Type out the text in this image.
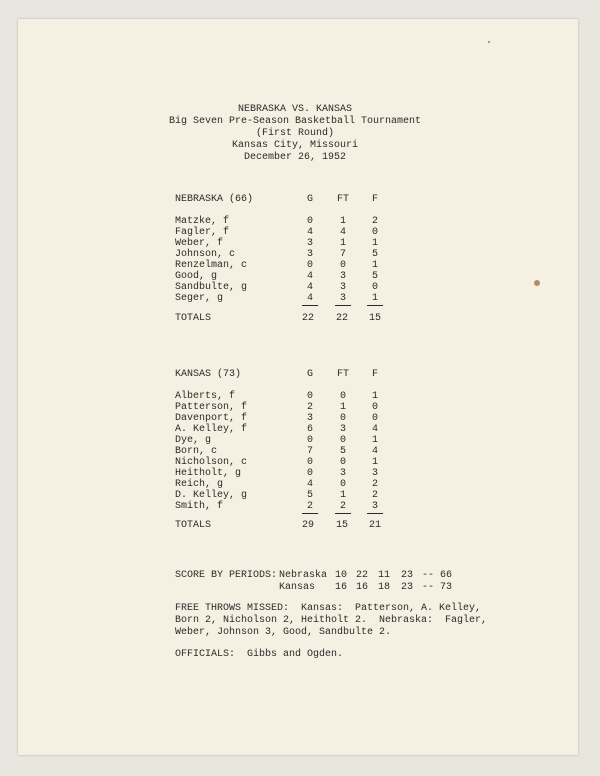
NEBRASKA VS. KANSAS
Big Seven Pre-Season Basketball Tournament
(First Round)
Kansas City, Missouri
December 26, 1952
NEBRASKA (66)	G	FT	F
Matzke, f	0	1	2
Fagler, f	4	4	0
Weber, f	3	1	1
Johnson, c	3	7	5
Renzelman, c	0	0	1
Good, g	4	3	5
Sandbulte, g	4	3	0
Seger, g	4	3	1
TOTALS	22 22 15
KANSAS (73)	G	FT	F
Alberts, f	0	0	1
Patterson, f	2	1	0
Davenport, f	3	0	0
A. Kelley, f	6	3	4
Dye, g	0	0	1
Born, c	7	5	4
Nicholson, c	0	0	1
Heitholt, g	0	3	3
Reich, g	4	0	2
D. Kelley, g	5	1	2
Smith, f	2	2	3
TOTALS	29 15 21
SCORE BY PERIODS: Nebraska 10 22 11 23 -- 66
Kansas 16 16 18 23 -- 73
FREE THROWS MISSED:  Kansas:  Patterson, A. Kelley,
Born 2, Nicholson 2, Heitholt 2.  Nebraska:  Fagler,
Weber, Johnson 3, Good, Sandbulte 2.
OFFICIALS:  Gibbs and Ogden.
